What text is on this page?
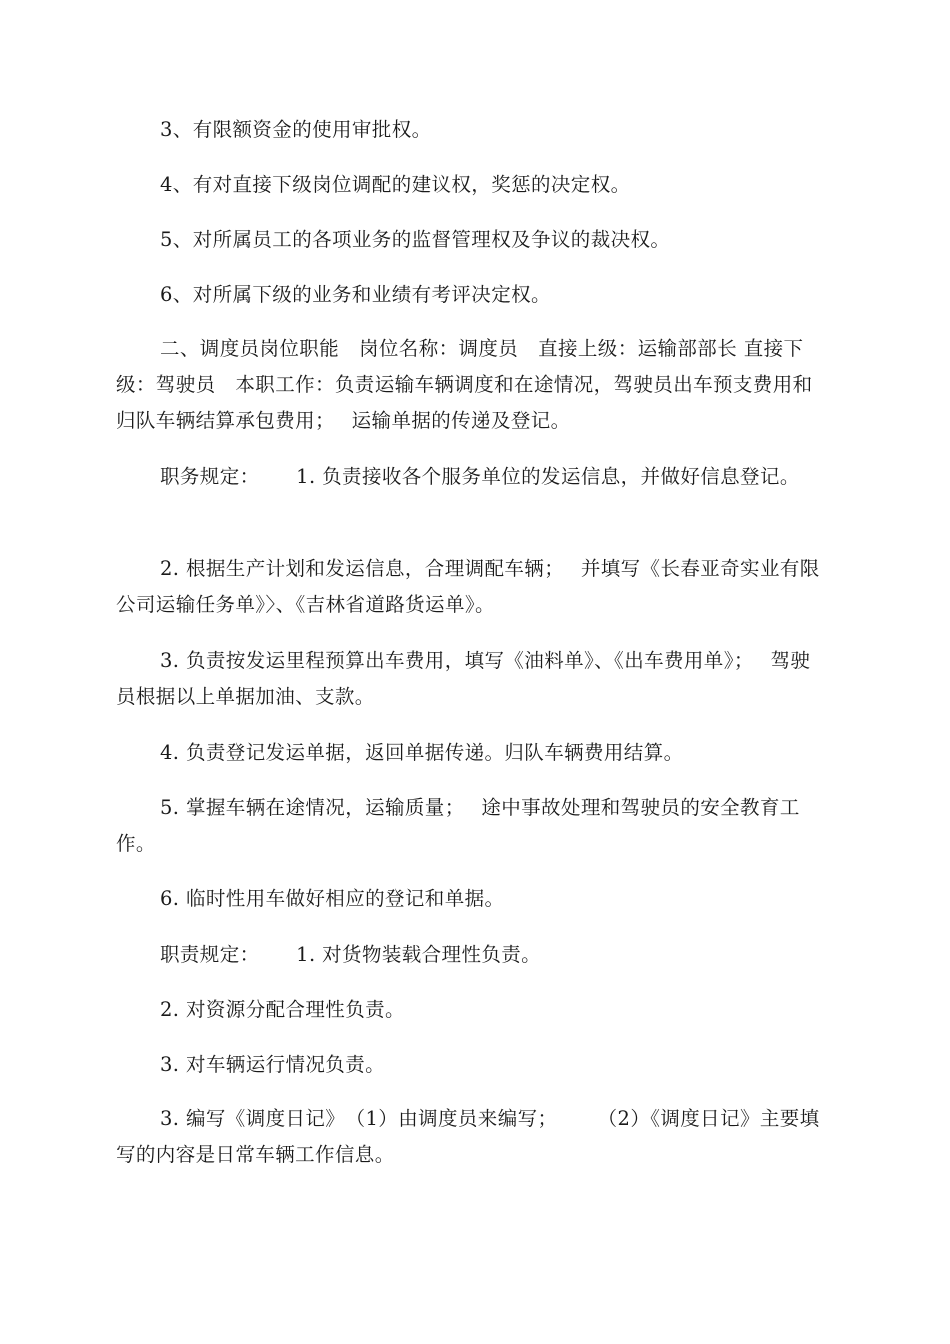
3、有限额资金的使用审批权。

4、有对直接下级岗位调配的建议权，奖惩的决定权。

5、对所属员工的各项业务的监督管理权及争议的裁决权。

6、对所属下级的业务和业绩有考评决定权。

二、调度员岗位职能　岗位名称：调度员　直接上级：运输部部长 直接下级：驾驶员　本职工作：负责运输车辆调度和在途情况，驾驶员出车预支费用和归队车辆结算承包费用；　 运输单据的传递及登记。

职务规定：　　 1. 负责接收各个服务单位的发运信息，并做好信息登记。

2. 根据生产计划和发运信息，合理调配车辆；　 并填写《长春亚奇实业有限公司运输任务单》〉、《吉林省道路货运单》。

3. 负责按发运里程预算出车费用，填写《油料单》、《出车费用单》；　 驾驶员根据以上单据加油、支款。

4. 负责登记发运单据，返回单据传递。归队车辆费用结算。

5. 掌握车辆在途情况，运输质量；　 途中事故处理和驾驶员的安全教育工作。

6. 临时性用车做好相应的登记和单据。

职责规定：　　 1. 对货物装载合理性负责。

2. 对资源分配合理性负责。

3. 对车辆运行情况负责。

3. 编写《调度日记》　（1）由调度员来编写；　　　（2）《调度日记》主要填写的内容是日常车辆工作信息。
